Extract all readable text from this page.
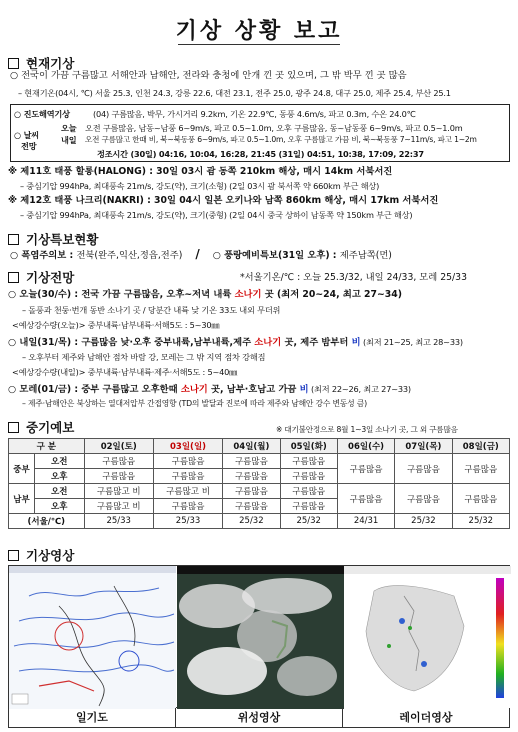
기상 상황 보고
현재기상
○ 전국이 가끔 구름많고 서해안과 남해안, 전라와 충청에 안개 낀 곳 있으며, 그 밖 박무 낀 곳 많음
– 현재기온(04시, ℃) 서울 25.3, 인천 24.3, 강릉 22.6, 대전 23.1, 전주 25.0, 광주 24.8, 대구 25.0, 제주 25.4, 부산 25.1
○ 진도해역기상	(04) 구름많음, 박무, 가시거리 9.2km, 기온 22.9℃, 동풍 4.6m/s, 파고 0.3m, 수온 24.0℃
○ 날씨
전망
오늘 오전 구름많음, 남동~남풍 6~9m/s, 파고 0.5~1.0m, 오후 구름많음, 동~남동풍 6~9m/s, 파고 0.5~1.0m
내일 오전 구름많고 한때 비, 북~북동풍 6~9m/s, 파고 0.5~1.0m, 오후 구름많고 가끔 비, 북~북동풍 7~11m/s, 파고 1~2m
정조시간 (30일) 04:16, 10:04, 16:28, 21:45 (31일) 04:51, 10:38, 17:09, 22:37
※ 제11호 태풍 할롱(HALONG) : 30일 03시 괌 동쪽 210km 해상, 매시 14km 서북서진
– 중심기압 994hPa, 최대풍속 21m/s, 강도(약), 크기(소형) (2일 03시 괌 북서쪽 약 660km 부근 해상)
※ 제12호 태풍 나크리(NAKRI) : 30일 04시 일본 오키나와 남쪽 860km 해상, 매시 17km 서북서진
– 중심기압 994hPa, 최대풍속 21m/s, 강도(약), 크기(중형) (2일 04시 중국 상하이 남동쪽 약 150km 부근 해상)
기상특보현황
○ 폭염주의보 : 전북(완주,익산,정읍,전주) / ○ 풍랑예비특보(31일 오후) : 제주남쪽(먼)
기상전망	*서울기온/℃ : 오늘 25.3/32, 내일 24/33, 모레 25/33
○ 오늘(30/수) : 전국 가끔 구름많음, 오후~저녁 내륙 소나기 곳 (최저 20~24, 최고 27~34)
– 돌풍과 천둥·번개 동반 소나기 곳 / 당분간 내륙 낮 기온 33도 내외 무더위
<예상강수량(오늘)> 중부내륙·남부내륙·서해5도 : 5~30㎜
○ 내일(31/목) : 구름많음 낮·오후 중부내륙,남부내륙,제주 소나기 곳, 제주 밤부터 비 (최저 21~25, 최고 28~33)
– 오후부터 제주와 남해안 점차 바람 강, 모레는 그 밖 지역 점차 강해짐
<예상강수량(내일)> 중부내륙·남부내륙·제주·서해5도 : 5~40㎜
○ 모레(01/금) : 중부 구름많고 오후한때 소나기 곳, 남부·호남고 가끔 비 (최저 22~26, 최고 27~33)
– 제주·남해안은 북상하는 열대저압부 간접영향 (TD의 발달과 진로에 따라 제주와 남해안 강수 변동성 큼)
중기예보	※ 대기불안정으로 8월 1~3일 소나기 곳, 그 외 구름많음
구 분		02일(토)	03일(일)	04일(월)	05일(화)	06일(수)	07일(목)	08일(금)
중부	오전	구름많음	구름많음	구름많음	구름많음	구름많음	구름많음	구름많음
	오후	구름많음	구름많음	구름많음	구름많음			
남부	오전	구름많고 비	구름많고 비	구름많음	구름많음	구름많음	구름많음	구름많음
	오후	구름많고 비	구름많음	구름많음	구름많음			
(서울/℃)		25/33	25/33	25/32	25/32	24/31	25/32	25/32
기상영상
일기도	위성영상	레이더영상
